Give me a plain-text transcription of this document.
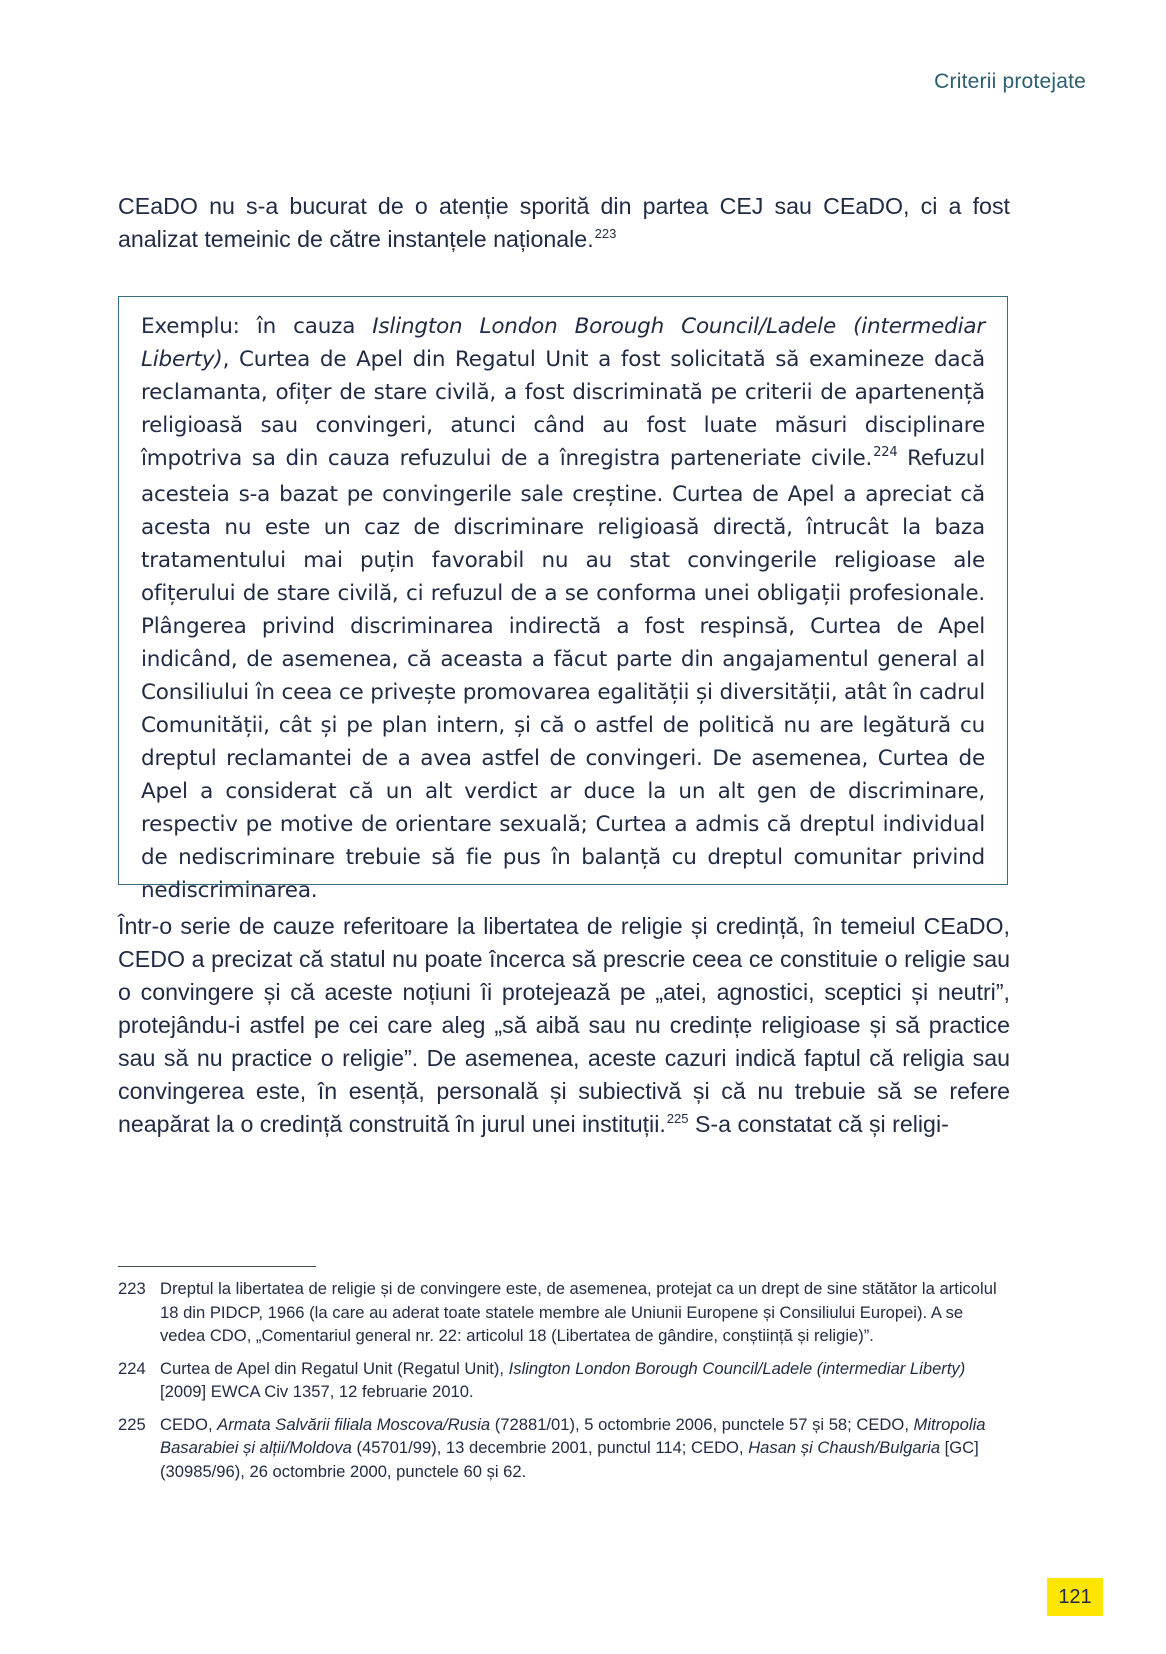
Criterii protejate
CEaDO nu s-a bucurat de o atenție sporită din partea CEJ sau CEaDO, ci a fost analizat temeinic de către instanțele naționale.$^{223}$
Exemplu: în cauza Islington London Borough Council/Ladele (intermediar Liberty), Curtea de Apel din Regatul Unit a fost solicitată să examineze dacă reclamanta, ofițer de stare civilă, a fost discriminată pe criterii de apartenență religioasă sau convingeri, atunci când au fost luate măsuri disciplinare împotriva sa din cauza refuzului de a înregistra parteneriate civile.$^{224}$ Refuzul acesteia s-a bazat pe convingerile sale creștine. Curtea de Apel a apreciat că acesta nu este un caz de discriminare religioasă directă, întrucât la baza tratamentului mai puțin favorabil nu au stat convingerile religioase ale ofițerului de stare civilă, ci refuzul de a se conforma unei obligații profesionale. Plângerea privind discriminarea indirectă a fost respinsă, Curtea de Apel indicând, de asemenea, că aceasta a făcut parte din angajamentul general al Consiliului în ceea ce privește promovarea egalității și diversității, atât în cadrul Comunității, cât și pe plan intern, și că o astfel de politică nu are legătură cu dreptul reclamantei de a avea astfel de convingeri. De asemenea, Curtea de Apel a considerat că un alt verdict ar duce la un alt gen de discriminare, respectiv pe motive de orientare sexuală; Curtea a admis că dreptul individual de nediscriminare trebuie să fie pus în balanță cu dreptul comunitar privind nediscriminarea.
Într-o serie de cauze referitoare la libertatea de religie și credință, în temeiul CEaDO, CEDO a precizat că statul nu poate încerca să prescrie ceea ce constituie o religie sau o convingere și că aceste noțiuni îi protejează pe „atei, agnostici, sceptici și neutri”, protejându-i astfel pe cei care aleg „să aibă sau nu credințe religioase și să practice sau să nu practice o religie”. De asemenea, aceste cazuri indică faptul că religia sau convingerea este, în esență, personală și subiectivă și că nu trebuie să se refere neapărat la o credință construită în jurul unei instituții.$^{225}$ S-a constatat că și religi-
223 Dreptul la libertatea de religie și de convingere este, de asemenea, protejat ca un drept de sine stătător la articolul 18 din PIDCP, 1966 (la care au aderat toate statele membre ale Uniunii Europene și Consiliului Europei). A se vedea CDO, „Comentariul general nr. 22: articolul 18 (Libertatea de gândire, conștiință și religie)”.
224 Curtea de Apel din Regatul Unit (Regatul Unit), Islington London Borough Council/Ladele (intermediar Liberty) [2009] EWCA Civ 1357, 12 februarie 2010.
225 CEDO, Armata Salvării filiala Moscova/Rusia (72881/01), 5 octombrie 2006, punctele 57 și 58; CEDO, Mitropolia Basarabiei și alții/Moldova (45701/99), 13 decembrie 2001, punctul 114; CEDO, Hasan și Chaush/Bulgaria [GC] (30985/96), 26 octombrie 2000, punctele 60 și 62.
121
